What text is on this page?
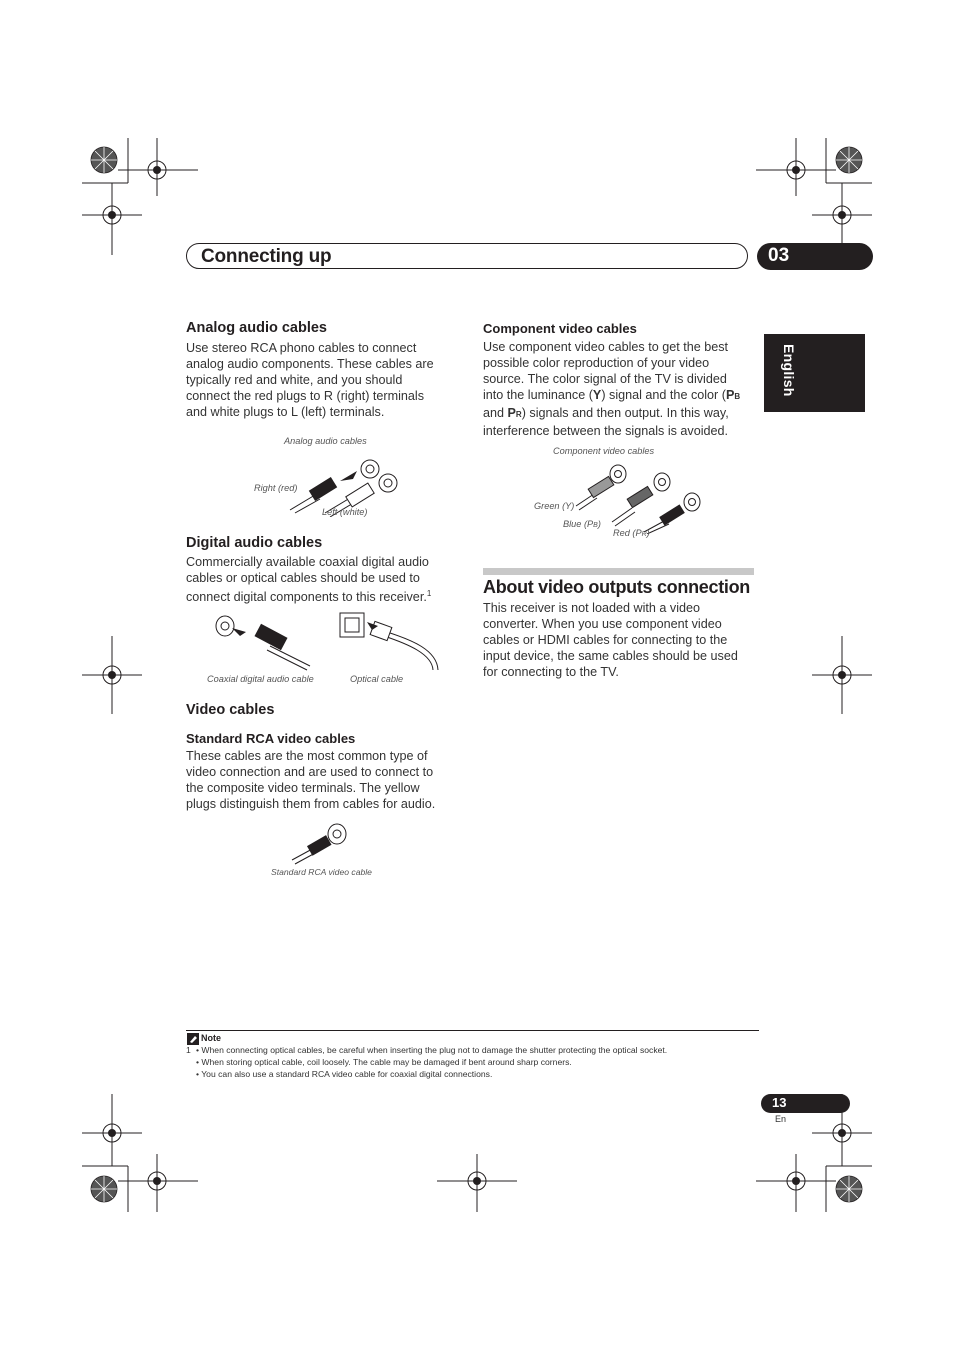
Connecting up	03
English
Analog audio cables
Use stereo RCA phono cables to connect
analog audio components. These cables are
typically red and white, and you should
connect the red plugs to R (right) terminals
and white plugs to L (left) terminals.
Analog audio cables
Right (red)
Left (white)
Digital audio cables
Commercially available coaxial digital audio
cables or optical cables should be used to
connect digital components to this receiver.$^1$
Coaxial digital audio cable	Optical cable
Video cables
Standard RCA video cables
These cables are the most common type of
video connection and are used to connect to
the composite video terminals. The yellow
plugs distinguish them from cables for audio.
Standard RCA video cable
Component video cables
Use component video cables to get the best
possible color reproduction of your video
source. The color signal of the TV is divided
into the luminance (Y) signal and the color (PB
and PR) signals and then output. In this way,
interference between the signals is avoided.
Component video cables
Green (Y)
Blue (PB)
Red (PR)
About video outputs connection
This receiver is not loaded with a video
converter. When you use component video
cables or HDMI cables for connecting to the
input device, the same cables should be used
for connecting to the TV.
Note
1 • When connecting optical cables, be careful when inserting the plug not to damage the shutter protecting the optical socket.
• When storing optical cable, coil loosely. The cable may be damaged if bent around sharp corners.
• You can also use a standard RCA video cable for coaxial digital connections.
13
En
